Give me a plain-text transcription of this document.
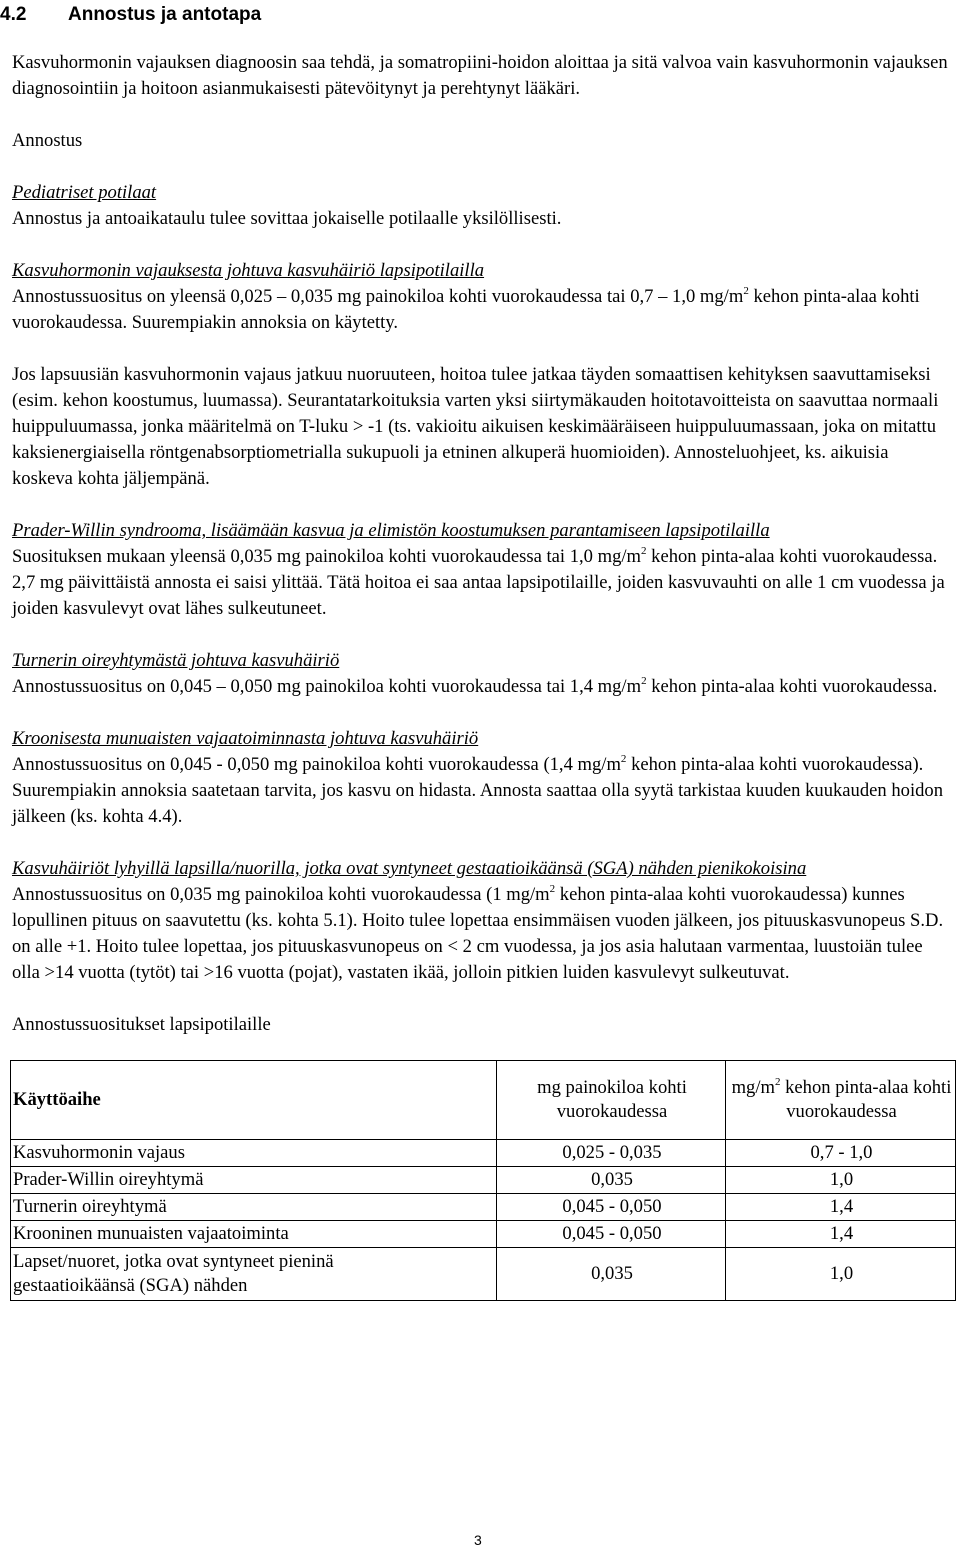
4.2 Annostus ja antotapa

Kasvuhormonin vajauksen diagnoosin saa tehdä, ja somatropiini-hoidon aloittaa ja sitä valvoa vain kasvuhormonin vajauksen diagnosointiin ja hoitoon asianmukaisesti pätevöitynyt ja perehtynyt lääkäri.

Annostus

Pediatriset potilaat

Annostus ja antoaikataulu tulee sovittaa jokaiselle potilaalle yksilöllisesti.

Kasvuhormonin vajauksesta johtuva kasvuhäiriö lapsipotilailla

Annostussuositus on yleensä 0,025 – 0,035 mg painokiloa kohti vuorokaudessa tai 0,7 – 1,0 $mg/m^2$ kehon pinta-alaa kohti vuorokaudessa. Suurempiakin annoksia on käytetty.

Jos lapsuusiän kasvuhormonin vajaus jatkuu nuoruuteen, hoitoa tulee jatkaa täyden somaattisen kehityksen saavuttamiseksi (esim. kehon koostumus, luumassa). Seurantatarkoituksia varten yksi siirtymäkauden hoitotavoitteista on saavuttaa normaali huippuluumassa, jonka määritelmä on T-luku > -1 (ts. vakioitu aikuisen keskimääräiseen huippuluumassaan, joka on mitattu kaksienergiaisella röntgenabsorptiometrialla sukupuoli ja etninen alkuperä huomioiden). Annosteluohjeet, ks. aikuisia koskeva kohta jäljempänä.

Prader-Willin syndrooma, lisäämään kasvua ja elimistön koostumuksen parantamiseen lapsipotilailla

Suosituksen mukaan yleensä 0,035 mg painokiloa kohti vuorokaudessa tai 1,0 $mg/m^2$ kehon pinta-alaa kohti vuorokaudessa. 2,7 mg päivittäistä annosta ei saisi ylittää. Tätä hoitoa ei saa antaa lapsipotilaille, joiden kasvuvauhti on alle 1 cm vuodessa ja joiden kasvulevyt ovat lähes sulkeutuneet.

Turnerin oireyhtymästä johtuva kasvuhäiriö

Annostussuositus on 0,045 – 0,050 mg painokiloa kohti vuorokaudessa tai 1,4 $mg/m^2$ kehon pinta-alaa kohti vuorokaudessa.

Kroonisesta munuaisten vajaatoiminnasta johtuva kasvuhäiriö

Annostussuositus on 0,045 - 0,050 mg painokiloa kohti vuorokaudessa (1,4 $mg/m^2$ kehon pinta-alaa kohti vuorokaudessa). Suurempiakin annoksia saatetaan tarvita, jos kasvu on hidasta. Annosta saattaa olla syytä tarkistaa kuuden kuukauden hoidon jälkeen (ks. kohta 4.4).

Kasvuhäiriöt lyhyillä lapsilla/nuorilla, jotka ovat syntyneet gestaatioikäänsä (SGA) nähden pienikokoisina

Annostussuositus on 0,035 mg painokiloa kohti vuorokaudessa (1 $mg/m^2$ kehon pinta-alaa kohti vuorokaudessa) kunnes lopullinen pituus on saavutettu (ks. kohta 5.1). Hoito tulee lopettaa ensimmäisen vuoden jälkeen, jos pituuskasvunopeus S.D. on alle +1. Hoito tulee lopettaa, jos pituuskasvunopeus on < 2 cm vuodessa, ja jos asia halutaan varmentaa, luustoiän tulee olla >14 vuotta (tytöt) tai >16 vuotta (pojat), vastaten ikää, jolloin pitkien luiden kasvulevyt sulkeutuvat.

Annostussuositukset lapsipotilaille

Käyttöaihe	mg painokiloa kohti vuorokaudessa	$mg/m^2$ kehon pinta-alaa kohti vuorokaudessa
Kasvuhormonin vajaus	0,025 - 0,035	0,7 - 1,0
Prader-Willin oireyhtymä	0,035	1,0
Turnerin oireyhtymä	0,045 - 0,050	1,4
Krooninen munuaisten vajaatoiminta	0,045 - 0,050	1,4
Lapset/nuoret, jotka ovat syntyneet pieninä gestaatioikäänsä (SGA) nähden	0,035	1,0
3
